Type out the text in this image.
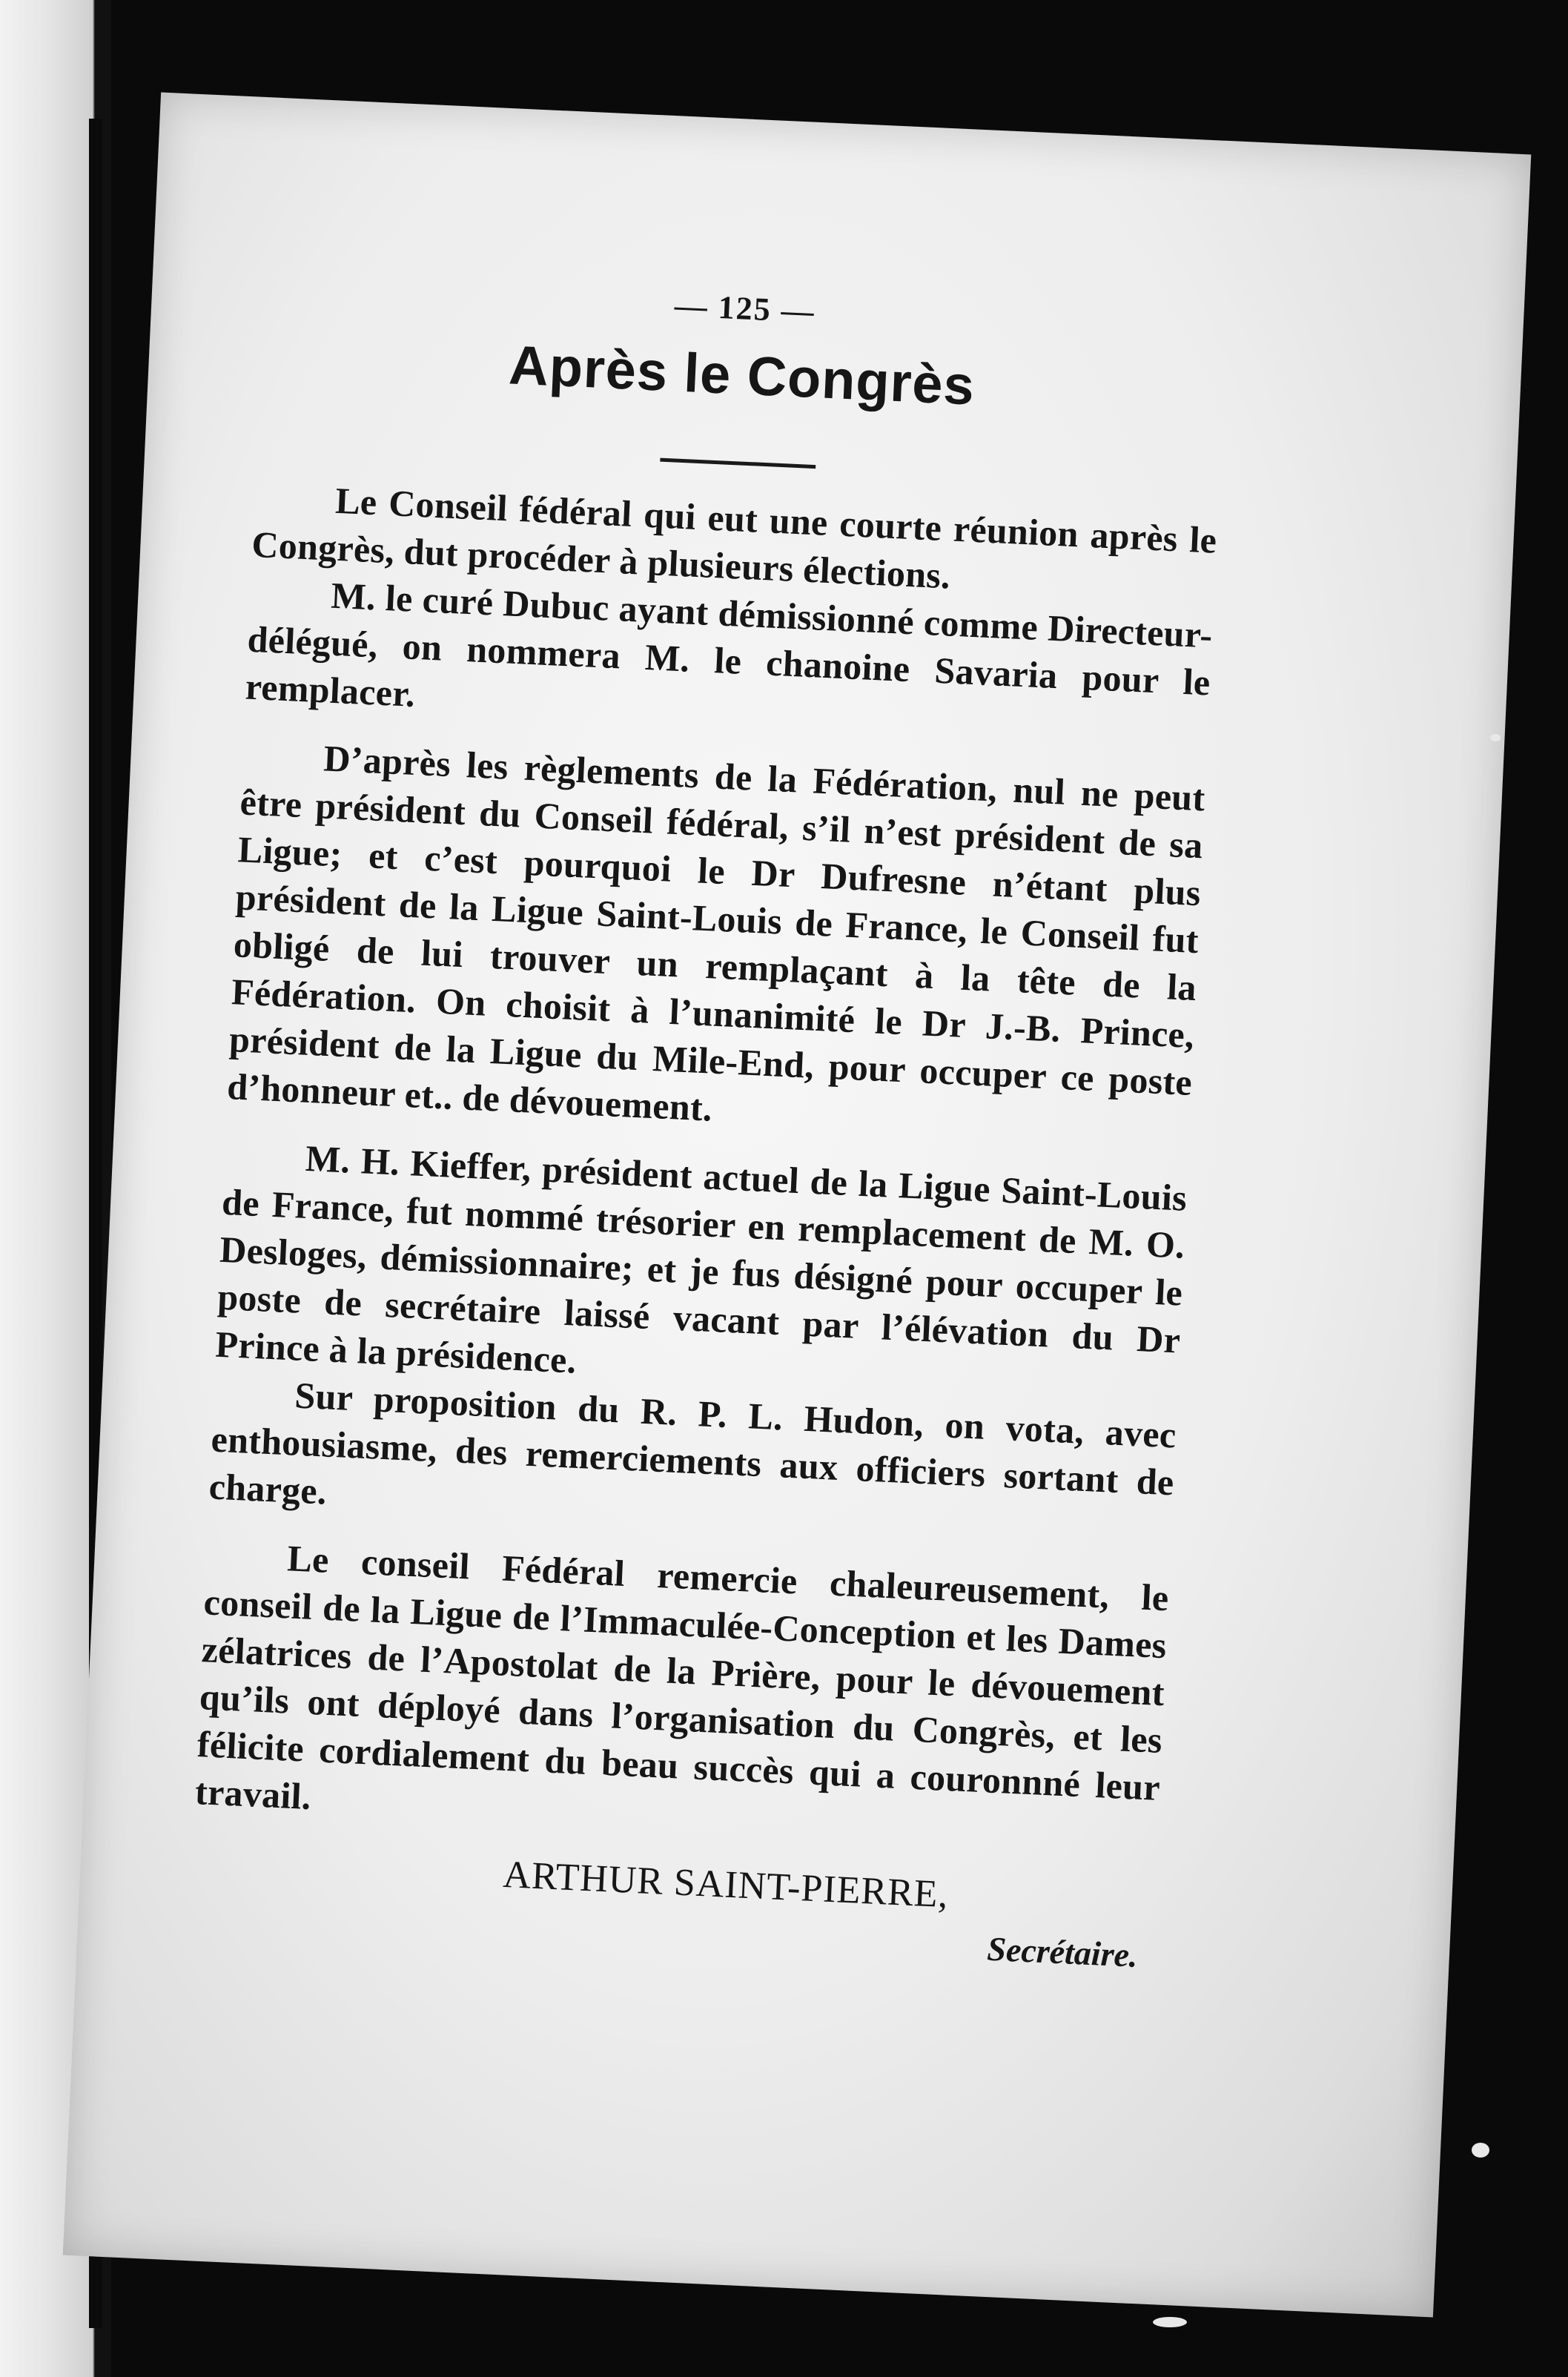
— 125 —
Après le Congrès

Le Conseil fédéral qui eut une courte réunion après le Congrès, dut procéder à plusieurs élections.

M. le curé Dubuc ayant démissionné comme Directeur-délégué, on nommera M. le chanoine Savaria pour le remplacer.

D’après les règlements de la Fédération, nul ne peut être président du Conseil fédéral, s’il n’est président de sa Ligue; et c’est pourquoi le Dr Dufresne n’étant plus président de la Ligue Saint-Louis de France, le Conseil fut obligé de lui trouver un remplaçant à la tête de la Fédération. On choisit à l’unanimité le Dr J.-B. Prince, président de la Ligue du Mile-End, pour occuper ce poste d’honneur et.. de dévouement.

M. H. Kieffer, président actuel de la Ligue Saint-Louis de France, fut nommé trésorier en remplacement de M. O. Desloges, démissionnaire; et je fus désigné pour occuper le poste de secrétaire laissé vacant par l’élévation du Dr Prince à la présidence.

Sur proposition du R. P. L. Hudon, on vota, avec enthousiasme, des remerciements aux officiers sortant de charge.

Le conseil Fédéral remercie chaleureusement, le conseil de la Ligue de l’Immaculée-Conception et les Dames zélatrices de l’Apostolat de la Prière, pour le dévouement qu’ils ont déployé dans l’organisation du Congrès, et les félicite cordialement du beau succès qui a couronnné leur travail.

ARTHUR SAINT-PIERRE,
Secrétaire.
